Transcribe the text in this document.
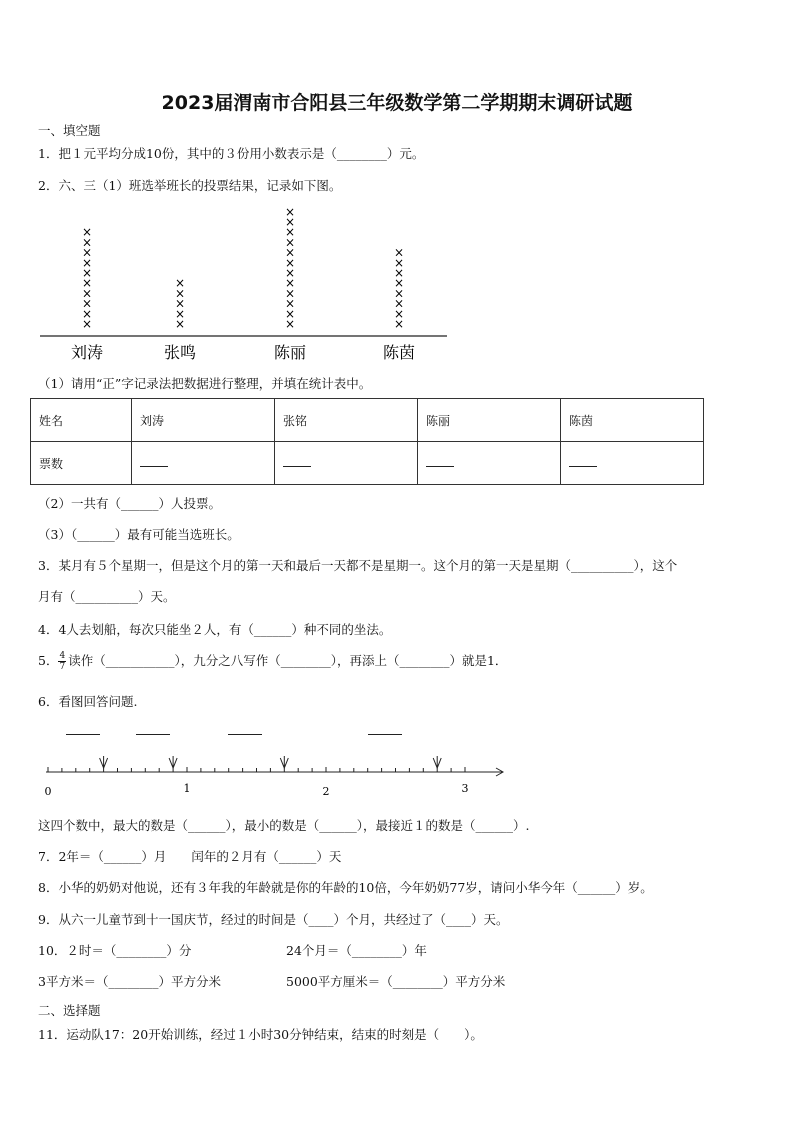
2023届渭南市合阳县三年级数学第二学期期末调研试题
一、填空题
1．把１元平均分成10份，其中的３份用小数表示是（________）元。
2．六、三（1）班选举班长的投票结果，记录如下图。
×
×
×
×
×
×
×
×
×
×
刘涛
×
×
×
×
×
张鸣
×
×
×
×
×
×
×
×
×
×
×
×
陈丽
×
×
×
×
×
×
×
×
陈茵
（1）请用“正”字记录法把数据进行整理，并填在统计表中。
姓名	刘涛	张铭	陈丽	陈茵
票数				
（2）一共有（______）人投票。
（3）（______）最有可能当选班长。
3．某月有５个星期一，但是这个月的第一天和最后一天都不是星期一。这个月的第一天是星期（__________），这个
月有（__________）天。
4．4人去划船，每次只能坐２人，有（______）种不同的坐法。
5． $\frac{4}{7}$ 读作（___________），九分之八写作（________），再添上（________）就是1．
6．看图回答问题.
0	1	2	3
这四个数中，最大的数是（______），最小的数是（______），最接近１的数是（______）.
7．2年＝（______）月　　闰年的２月有（______）天
8．小华的奶奶对他说，还有３年我的年龄就是你的年龄的10倍，今年奶奶77岁，请问小华今年（______）岁。
9．从六一儿童节到十一国庆节，经过的时间是（____）个月，共经过了（____）天。
10．２时＝（________）分	24个月＝（________）年
3平方米＝（________）平方分米	5000平方厘米＝（________）平方分米
二、选择题
11．运动队17：20开始训练，经过１小时30分钟结束，结束的时刻是（　　）。
